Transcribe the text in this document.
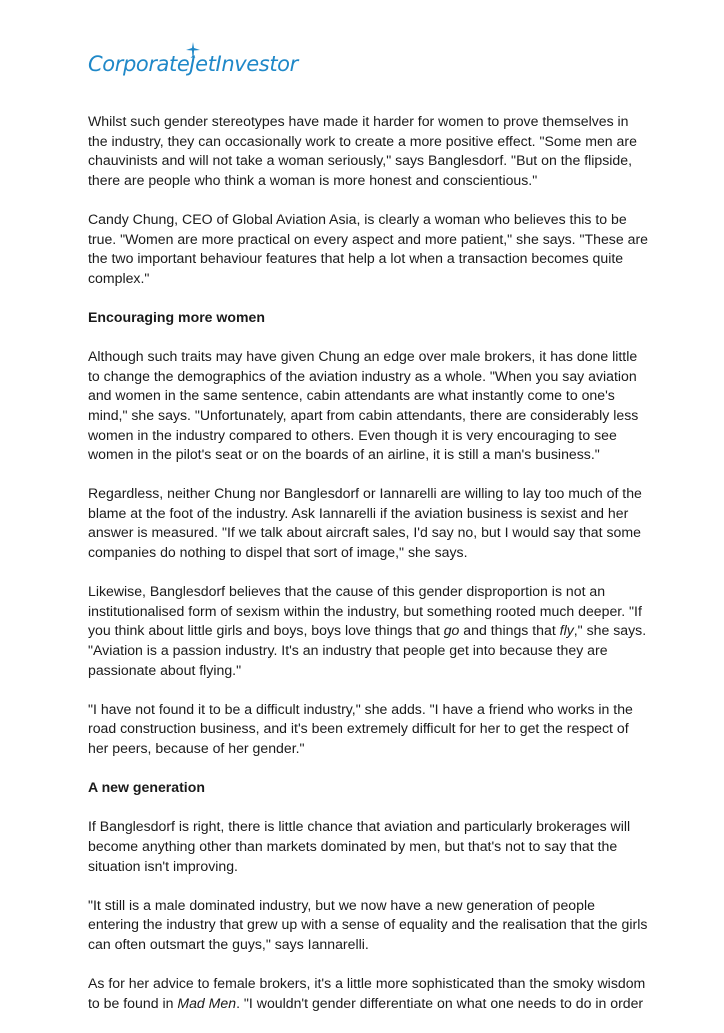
Corporate Jet Investor

Whilst such gender stereotypes have made it harder for women to prove themselves in the industry, they can occasionally work to create a more positive effect. "Some men are chauvinists and will not take a woman seriously," says Banglesdorf. "But on the flipside, there are people who think a woman is more honest and conscientious."

Candy Chung, CEO of Global Aviation Asia, is clearly a woman who believes this to be true. "Women are more practical on every aspect and more patient," she says. "These are the two important behaviour features that help a lot when a transaction becomes quite complex."

Encouraging more women

Although such traits may have given Chung an edge over male brokers, it has done little to change the demographics of the aviation industry as a whole. "When you say aviation and women in the same sentence, cabin attendants are what instantly come to one's mind," she says. "Unfortunately, apart from cabin attendants, there are considerably less women in the industry compared to others. Even though it is very encouraging to see women in the pilot's seat or on the boards of an airline, it is still a man's business."

Regardless, neither Chung nor Banglesdorf or Iannarelli are willing to lay too much of the blame at the foot of the industry. Ask Iannarelli if the aviation business is sexist and her answer is measured. "If we talk about aircraft sales, I'd say no, but I would say that some companies do nothing to dispel that sort of image," she says.

Likewise, Banglesdorf believes that the cause of this gender disproportion is not an institutionalised form of sexism within the industry, but something rooted much deeper. "If you think about little girls and boys, boys love things that go and things that fly," she says. "Aviation is a passion industry. It's an industry that people get into because they are passionate about flying."

"I have not found it to be a difficult industry," she adds. "I have a friend who works in the road construction business, and it's been extremely difficult for her to get the respect of her peers, because of her gender."

A new generation

If Banglesdorf is right, there is little chance that aviation and particularly brokerages will become anything other than markets dominated by men, but that's not to say that the situation isn't improving.

"It still is a male dominated industry, but we now have a new generation of people entering the industry that grew up with a sense of equality and the realisation that the girls can often outsmart the guys," says Iannarelli.

As for her advice to female brokers, it's a little more sophisticated than the smoky wisdom to be found in Mad Men. "I wouldn't gender differentiate on what one needs to do in order
